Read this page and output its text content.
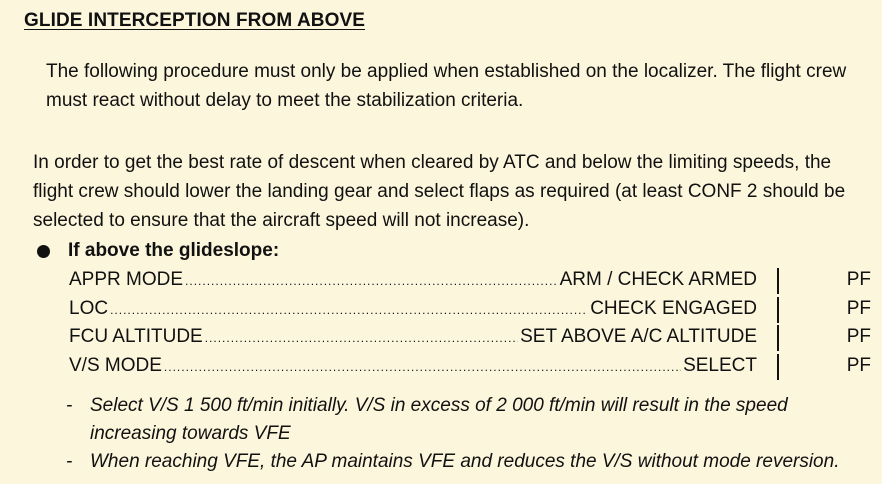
GLIDE INTERCEPTION FROM ABOVE
The following procedure must only be applied when established on the localizer. The flight crew must react without delay to meet the stabilization criteria.
In order to get the best rate of descent when cleared by ATC and below the limiting speeds, the flight crew should lower the landing gear and select flaps as required (at least CONF 2 should be selected to ensure that the aircraft speed will not increase).
If above the glideslope:
APPR MODE .....	ARM / CHECK ARMED	PF
LOC .....	CHECK ENGAGED	PF
FCU ALTITUDE .....	SET ABOVE A/C ALTITUDE	PF
V/S MODE .....	SELECT	PF
- Select V/S 1 500 ft/min initially. V/S in excess of 2 000 ft/min will result in the speed increasing towards VFE
- When reaching VFE, the AP maintains VFE and reduces the V/S without mode reversion.
